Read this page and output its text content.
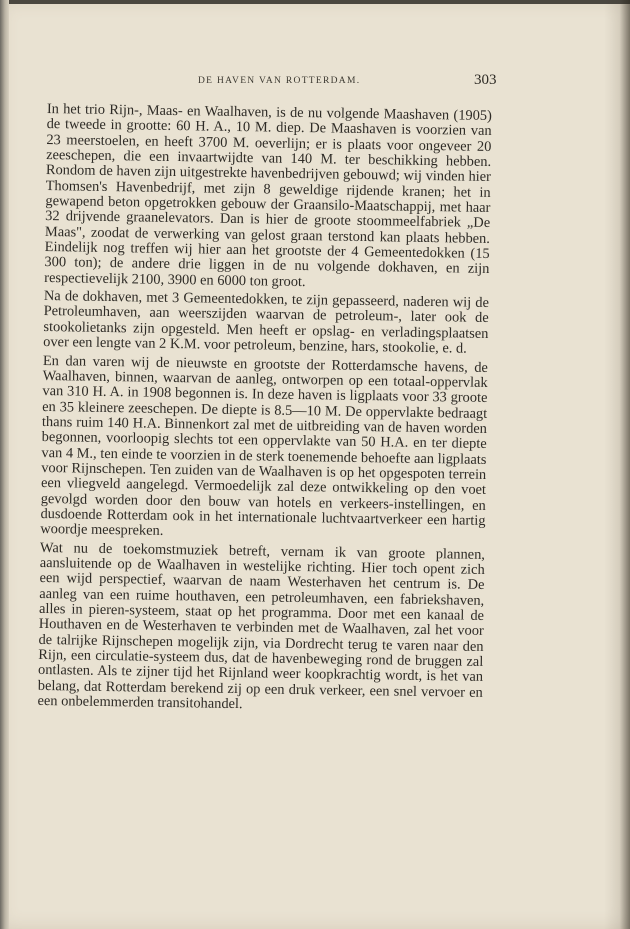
DE HAVEN VAN ROTTERDAM.	303

In het trio Rijn-, Maas- en Waalhaven, is de nu volgende Maashaven (1905) de tweede in grootte: 60 H. A., 10 M. diep. De Maashaven is voorzien van 23 meerstoelen, en heeft 3700 M. oeverlijn; er is plaats voor ongeveer 20 zeeschepen, die een invaartwijdte van 140 M. ter beschikking hebben. Rondom de haven zijn uitgestrekte havenbedrijven gebouwd; wij vinden hier Thomsen's Havenbedrijf, met zijn 8 geweldige rijdende kranen; het in gewapend beton opgetrokken gebouw der Graansilo-Maatschappij, met haar 32 drijvende graanelevators. Dan is hier de groote stoommeelfabriek „De Maas", zoodat de verwerking van gelost graan terstond kan plaats hebben. Eindelijk nog treffen wij hier aan het grootste der 4 Gemeentedokken (15 300 ton); de andere drie liggen in de nu volgende dokhaven, en zijn respectievelijk 2100, 3900 en 6000 ton groot.

Na de dokhaven, met 3 Gemeentedokken, te zijn gepasseerd, naderen wij de Petroleumhaven, aan weerszijden waarvan de petroleum-, later ook de stookolietanks zijn opgesteld. Men heeft er opslag- en verladingsplaatsen over een lengte van 2 K.M. voor petroleum, benzine, hars, stookolie, e. d.

En dan varen wij de nieuwste en grootste der Rotterdamsche havens, de Waalhaven, binnen, waarvan de aanleg, ontworpen op een totaal-oppervlak van 310 H. A. in 1908 begonnen is. In deze haven is ligplaats voor 33 groote en 35 kleinere zeeschepen. De diepte is 8.5—10 M. De oppervlakte bedraagt thans ruim 140 H.A. Binnenkort zal met de uitbreiding van de haven worden begonnen, voorloopig slechts tot een oppervlakte van 50 H.A. en ter diepte van 4 M., ten einde te voorzien in de sterk toenemende behoefte aan ligplaats voor Rijnschepen. Ten zuiden van de Waalhaven is op het opgespoten terrein een vliegveld aangelegd. Vermoedelijk zal deze ontwikkeling op den voet gevolgd worden door den bouw van hotels en verkeers-instellingen, en dusdoende Rotterdam ook in het internationale luchtvaartverkeer een hartig woordje meespreken.

Wat nu de toekomstmuziek betreft, vernam ik van groote plannen, aansluitende op de Waalhaven in westelijke richting. Hier toch opent zich een wijd perspectief, waarvan de naam Westerhaven het centrum is. De aanleg van een ruime houthaven, een petroleumhaven, een fabriekshaven, alles in pieren-systeem, staat op het programma. Door met een kanaal de Houthaven en de Westerhaven te verbinden met de Waalhaven, zal het voor de talrijke Rijnschepen mogelijk zijn, via Dordrecht terug te varen naar den Rijn, een circulatie-systeem dus, dat de havenbeweging rond de bruggen zal ontlasten. Als te zijner tijd het Rijnland weer koopkrachtig wordt, is het van belang, dat Rotterdam berekend zij op een druk verkeer, een snel vervoer en een onbelemmerden transitohandel.
